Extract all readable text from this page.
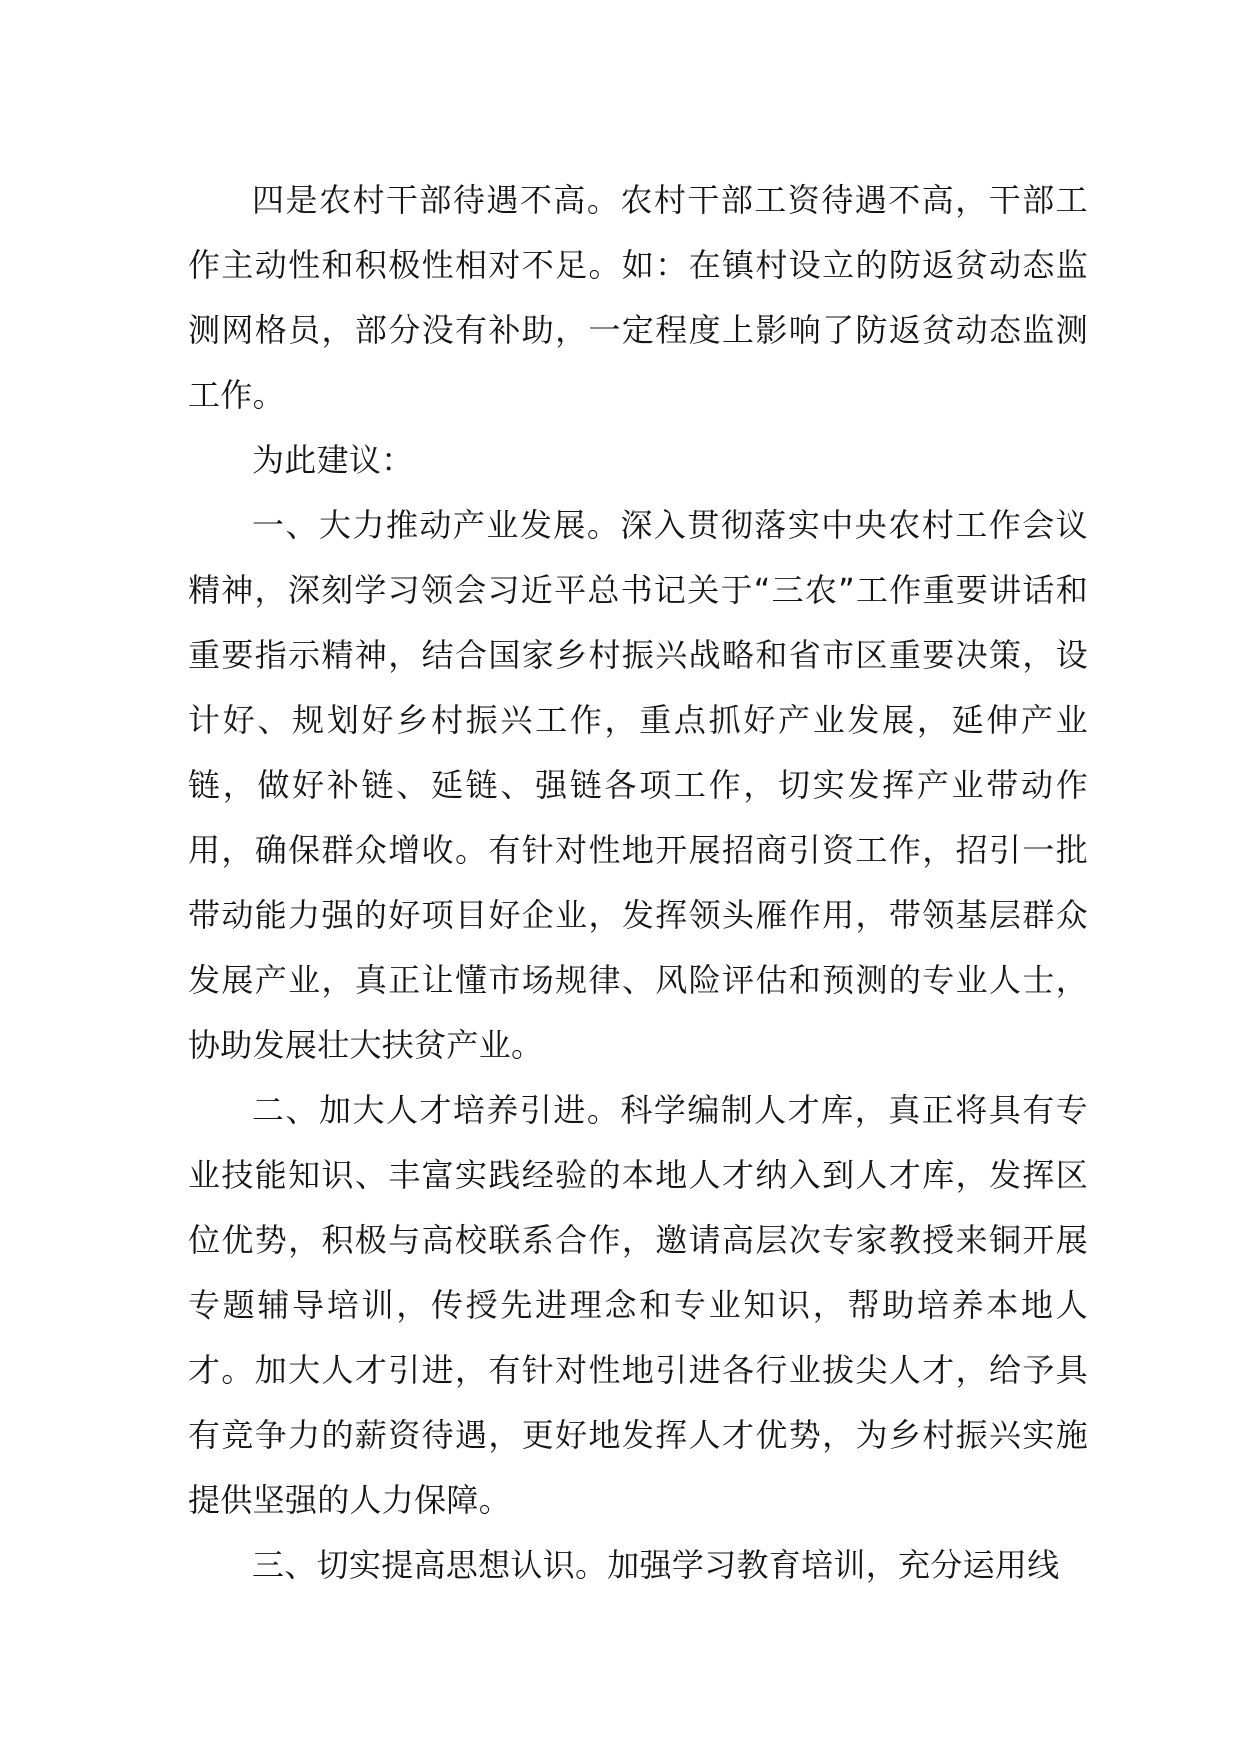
四是农村干部待遇不高。农村干部工资待遇不高，干部工作主动性和积极性相对不足。如：在镇村设立的防返贫动态监测网格员，部分没有补助，一定程度上影响了防返贫动态监测工作。

为此建议：

一、大力推动产业发展。深入贯彻落实中央农村工作会议精神，深刻学习领会习近平总书记关于“三农”工作重要讲话和重要指示精神，结合国家乡村振兴战略和省市区重要决策，设计好、规划好乡村振兴工作，重点抓好产业发展，延伸产业链，做好补链、延链、强链各项工作，切实发挥产业带动作用，确保群众增收。有针对性地开展招商引资工作，招引一批带动能力强的好项目好企业，发挥领头雁作用，带领基层群众发展产业，真正让懂市场规律、风险评估和预测的专业人士，协助发展壮大扶贫产业。

二、加大人才培养引进。科学编制人才库，真正将具有专业技能知识、丰富实践经验的本地人才纳入到人才库，发挥区位优势，积极与高校联系合作，邀请高层次专家教授来铜开展专题辅导培训，传授先进理念和专业知识，帮助培养本地人才。加大人才引进，有针对性地引进各行业拔尖人才，给予具有竞争力的薪资待遇，更好地发挥人才优势，为乡村振兴实施提供坚强的人力保障。

三、切实提高思想认识。加强学习教育培训，充分运用线
